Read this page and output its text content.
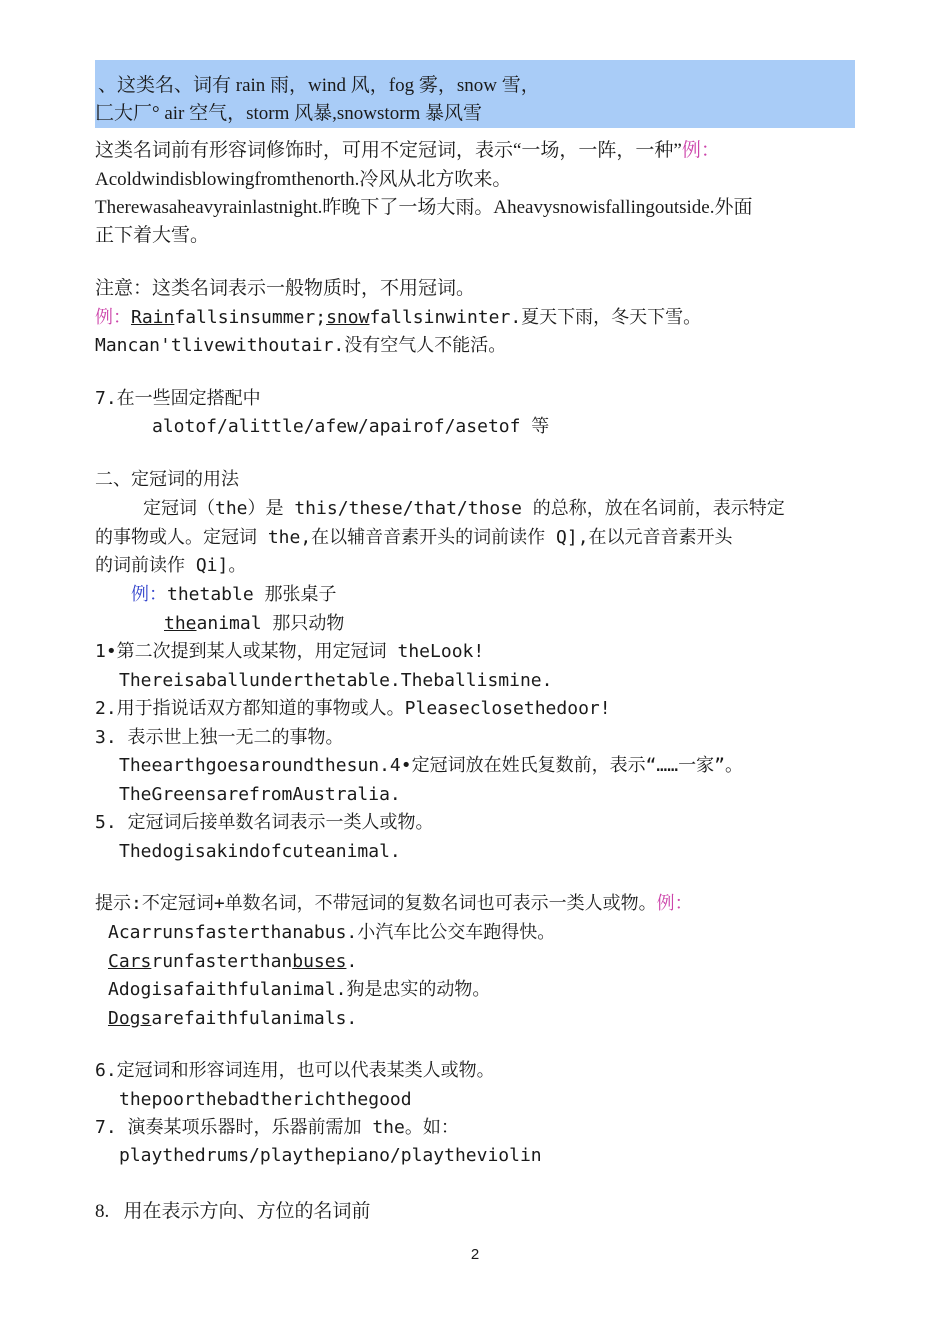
、这类名、词有 rain 雨，wind 风，fog 雾，snow 雪，
匚大厂° air 空气，storm 风暴,snowstorm 暴风雪
这类名词前有形容词修饰时，可用不定冠词，表示“一场，一阵，一种”例：
Acoldwindisblowingfromthenorth.冷风从北方吹来。
Therewasaheavyrainlastnight.昨晚下了一场大雨。Aheavysnowisfallingoutside.外面
正下着大雪。
注意：这类名词表示一般物质时，不用冠词。
例：Rainfallsinsummer;snowfallsinwinter.夏天下雨，冬天下雪。
Mancan'tlivewithoutair.没有空气人不能活。
7.在一些固定搭配中
alotof/alittle/afew/apairof/asetof 等
二、定冠词的用法
定冠词（the）是 this/these/that/those 的总称，放在名词前，表示特定
的事物或人。定冠词 the,在以辅音音素开头的词前读作 Q],在以元音音素开头
的词前读作 Qi]。
例：thetable 那张桌子
theanimal 那只动物
1•第二次提到某人或某物，用定冠词 theLook!
Thereisaballunderthetable.Theballismine.
2.用于指说话双方都知道的事物或人。Pleaseclosethedoor!
3. 表示世上独一无二的事物。
Theearthgoesaroundthesun.4•定冠词放在姓氏复数前，表示“……一家”。
TheGreensarefromAustralia.
5. 定冠词后接单数名词表示一类人或物。
Thedogisakindofcuteanimal.
提示:不定冠词+单数名词，不带冠词的复数名词也可表示一类人或物。例：
Acarrunsfasterthanabus.小汽车比公交车跑得快。
Carsrunfasterthanbuses.
Adogisafaithfulanimal.狗是忠实的动物。
Dogsarefaithfulanimals.
6.定冠词和形容词连用，也可以代表某类人或物。
thepoorthebadtherichthegood
7. 演奏某项乐器时，乐器前需加 the。如：
playthedrums/playthepiano/playtheviolin
8.   用在表示方向、方位的名词前
2
